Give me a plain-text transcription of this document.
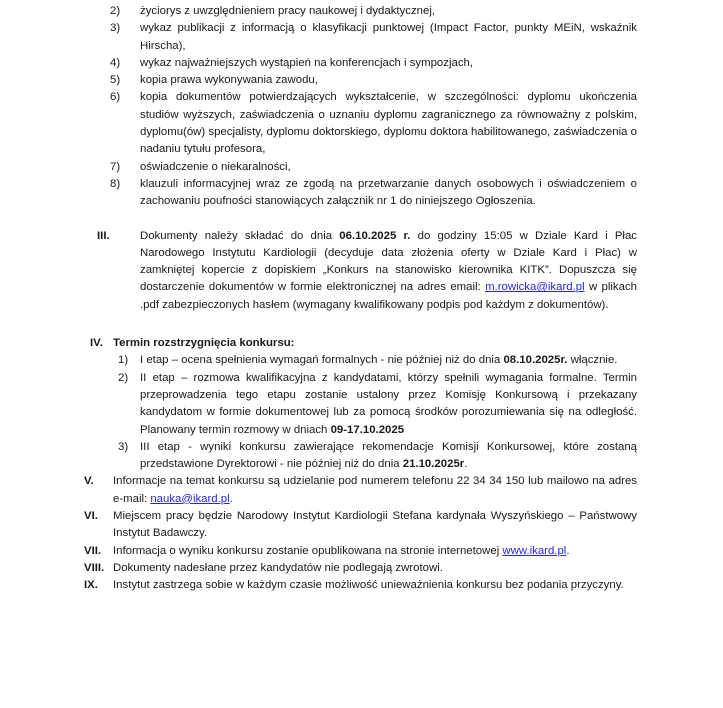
2)	życiorys z uwzględnieniem pracy naukowej i dydaktycznej,
3)	wykaz publikacji z informacją o klasyfikacji punktowej (Impact Factor, punkty MEiN, wskaźnik Hirscha),
4)	wykaz najważniejszych wystąpień na konferencjach i sympozjach,
5)	kopia prawa wykonywania zawodu,
6)	kopia dokumentów potwierdzających wykształcenie, w szczególności: dyplomu ukończenia studiów wyższych, zaświadczenia o uznaniu dyplomu zagranicznego za równoważny z polskim, dyplomu(ów) specjalisty, dyplomu doktorskiego, dyplomu doktora habilitowanego, zaświadczenia o nadaniu tytułu profesora,
7)	oświadczenie o niekaralności,
8)	klauzuli informacyjnej wraz ze zgodą na przetwarzanie danych osobowych i oświadczeniem o zachowaniu poufności stanowiących załącznik nr 1 do niniejszego Ogłoszenia.
III.	Dokumenty należy składać do dnia 06.10.2025 r. do godziny 15:05 w Dziale Kard i Płac Narodowego Instytutu Kardiologii (decyduje data złożenia oferty w Dziale Kard i Płac) w zamkniętej kopercie z dopiskiem „Konkurs na stanowisko kierownika KITK”. Dopuszcza się dostarczenie dokumentów w formie elektronicznej na adres email: m.rowicka@ikard.pl w plikach .pdf zabezpieczonych hasłem (wymagany kwalifikowany podpis pod każdym z dokumentów).
IV. Termin rozstrzygnięcia konkursu:
1)	I etap – ocena spełnienia wymagań formalnych - nie później niż do dnia 08.10.2025r. włącznie.
2)	II etap – rozmowa kwalifikacyjna z kandydatami, którzy spełnili wymagania formalne. Termin przeprowadzenia tego etapu zostanie ustalony przez Komisję Konkursową i przekazany kandydatom w formie dokumentowej lub za pomocą środków porozumiewania się na odległość. Planowany termin rozmowy w dniach 09-17.10.2025
3)	III etap - wyniki konkursu zawierające rekomendacje Komisji Konkursowej, które zostaną przedstawione Dyrektorowi - nie później niż do dnia 21.10.2025r.
V.	Informacje na temat konkursu są udzielanie pod numerem telefonu 22 34 34 150 lub mailowo na adres e-mail: nauka@ikard.pl.
VI.	Miejscem pracy będzie Narodowy Instytut Kardiologii Stefana kardynała Wyszyńskiego – Państwowy Instytut Badawczy.
VII.	Informacja o wyniku konkursu zostanie opublikowana na stronie internetowej www.ikard.pl.
VIII. Dokumenty nadesłane przez kandydatów nie podlegają zwrotowi.
IX.	Instytut zastrzega sobie w każdym czasie możliwość unieważnienia konkursu bez podania przyczyny.
